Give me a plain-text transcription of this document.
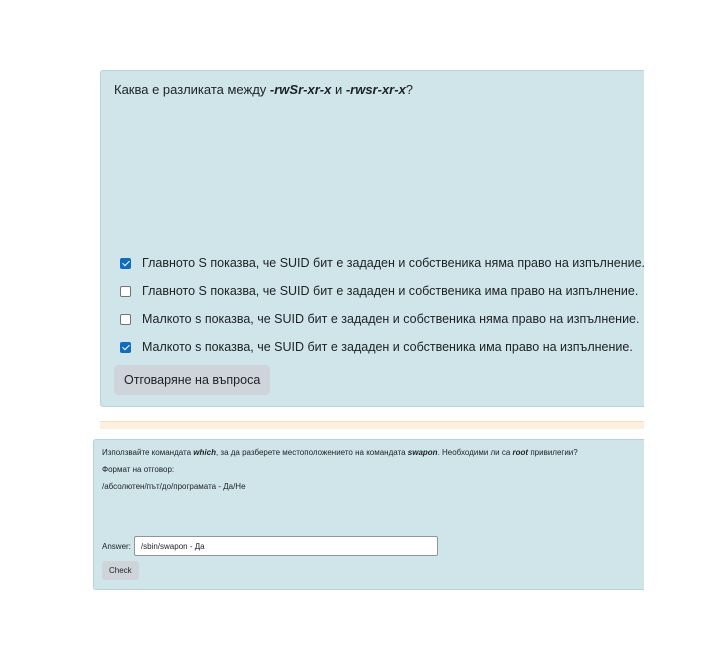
Каква е разликата между -rwSr-xr-x и -rwsr-xr-x?
Главното S показва, че SUID бит е зададен и собственика няма право на изпълнение.
Главното S показва, че SUID бит е зададен и собственика има право на изпълнение.
Малкото s показва, че SUID бит е зададен и собственика няма право на изпълнение.
Малкото s показва, че SUID бит е зададен и собственика има право на изпълнение.
Отговаряне на въпроса
Използвайте командата which, за да разберете местоположението на командата swapon. Необходими ли са root привилегии?
Формат на отговор:
/абсолютен/път/до/програмата - Да/Не
Answer:
/sbin/swapon - Да
Check
